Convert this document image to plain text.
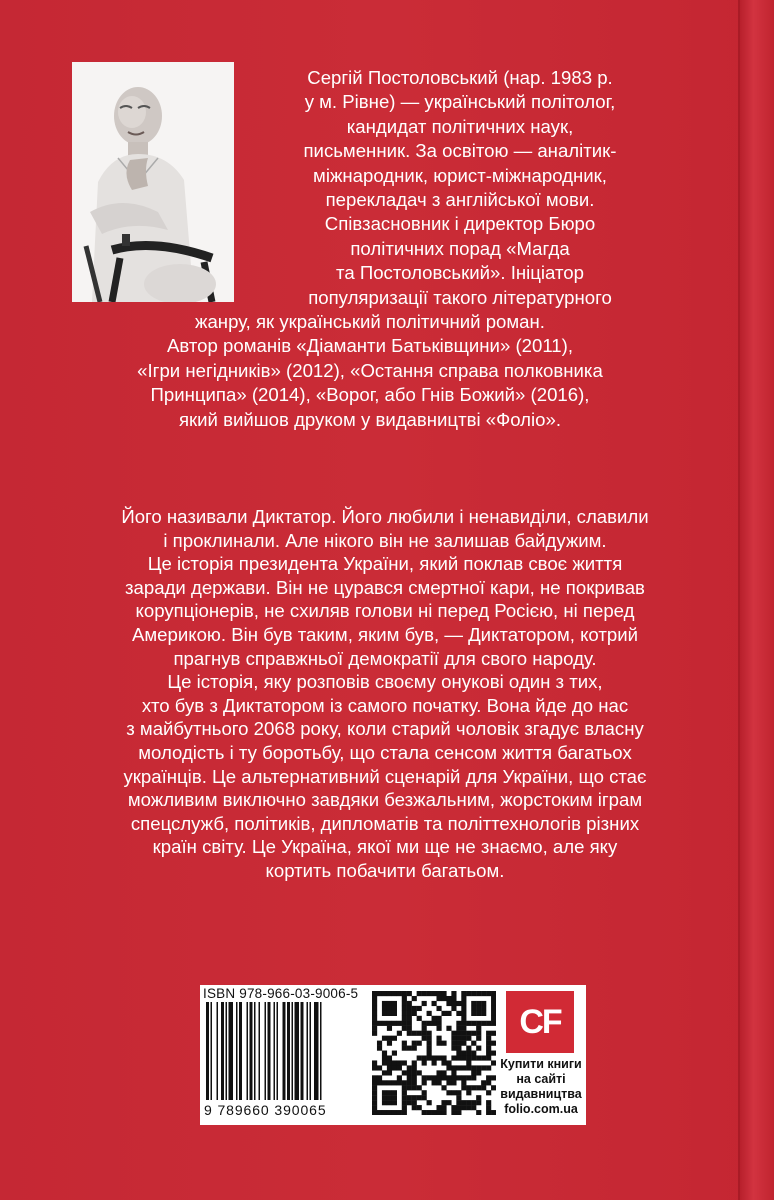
Сергій Постоловський (нар. 1983 р.
у м. Рівне) — український політолог,
кандидат політичних наук,
письменник. За освітою — аналітик-
міжнародник, юрист-міжнародник,
перекладач з англійської мови.
Співзасновник і директор Бюро
політичних порад «Магда
та Постоловський». Ініціатор
популяризації такого літературного
жанру, як український політичний роман.
Автор романів «Діаманти Батьківщини» (2011),
«Ігри негідників» (2012), «Остання справа полковника
Принципа» (2014), «Ворог, або Гнів Божий» (2016),
який вийшов друком у видавництві «Фоліо».
Його називали Диктатор. Його любили і ненавиділи, славили
і проклинали. Але нікого він не залишав байдужим.
Це історія президента України, який поклав своє життя
заради держави. Він не цурався смертної кари, не покривав
корупціонерів, не схиляв голови ні перед Росією, ні перед
Америкою. Він був таким, яким був, — Диктатором, котрий
прагнув справжньої демократії для свого народу.
Це історія, яку розповів своєму онукові один з тих,
хто був з Диктатором із самого початку. Вона йде до нас
з майбутнього 2068 року, коли старий чоловік згадує власну
молодість і ту боротьбу, що стала сенсом життя багатьох
українців. Це альтернативний сценарій для України, що стає
можливим виключно завдяки безжальним, жорстоким іграм
спецслужб, політиків, дипломатів та політтехнологів різних
країн світу. Це Україна, якої ми ще не знаємо, але яку
кортить побачити багатьом.
ISBN 978-966-03-9006-5
9 789660 390065
CF
Купити книги
на сайті
видавництва
folio.com.ua
